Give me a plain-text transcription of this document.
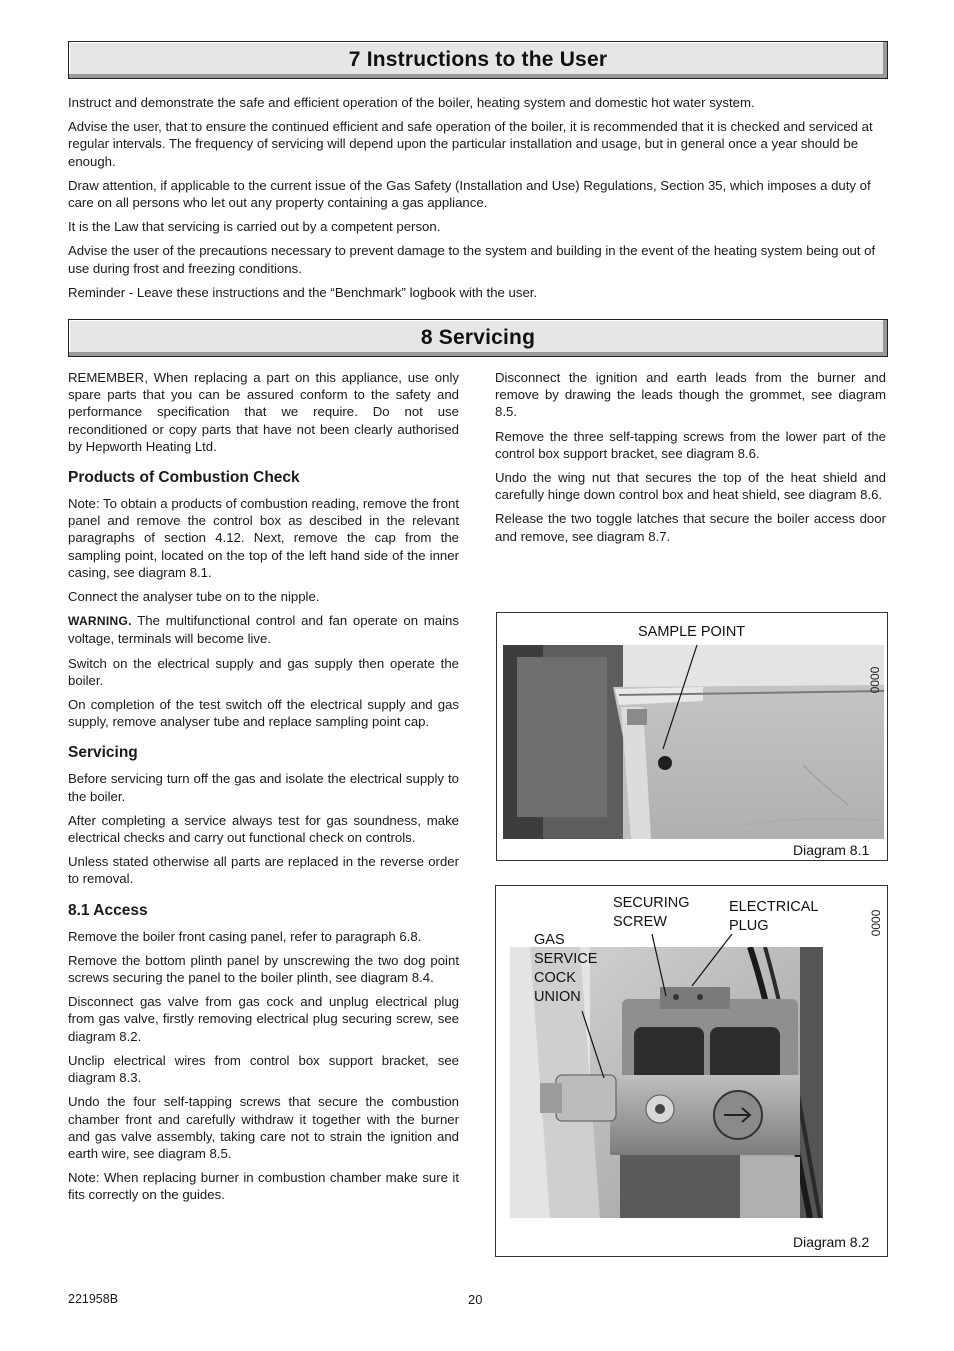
7 Instructions to the User

Instruct and demonstrate the safe and efficient operation of the boiler, heating system and domestic hot water system.

Advise the user, that to ensure the continued efficient and safe operation of the boiler, it is recommended that it is checked and serviced at regular intervals. The frequency of servicing will depend upon the particular installation and usage, but in general once a year should be enough.

Draw attention, if applicable to the current issue of the Gas Safety (Installation and Use) Regulations, Section 35, which imposes a duty of care on all persons who let out any property containing a gas appliance.

It is the Law that servicing is carried out by a competent person.

Advise the user of the precautions necessary to prevent damage to the system and building in the event of the heating system being out of use during frost and freezing conditions.

Reminder - Leave these instructions and the “Benchmark” logbook with the user.

8 Servicing

REMEMBER, When replacing a part on this appliance, use only spare parts that you can be assured conform to the safety and performance specification that we require. Do not use reconditioned or copy parts that have not been clearly authorised by Hepworth Heating Ltd.

Products of Combustion Check

Note: To obtain a products of combustion reading, remove the front panel and remove the control box as descibed in the relevant paragraphs of section 4.12. Next, remove the cap from the sampling point, located on the top of the left hand side of the inner casing, see diagram 8.1.

Connect the analyser tube on to the nipple.

WARNING. The multifunctional control and fan operate on mains voltage, terminals will become live.

Switch on the electrical supply and gas supply then operate the boiler.

On completion of the test switch off the electrical supply and gas supply, remove analyser tube and replace sampling point cap.

Servicing

Before servicing turn off the gas and isolate the electrical supply to the boiler.

After completing a service always test for gas soundness, make electrical checks and carry out functional check on controls.

Unless stated otherwise all parts are replaced in the reverse order to removal.

8.1 Access

Remove the boiler front casing panel, refer to paragraph 6.8.

Remove the bottom plinth panel by unscrewing the two dog point screws securing the panel to the boiler plinth, see diagram 8.4.

Disconnect gas valve from gas cock and unplug electrical plug from gas valve, firstly removing electrical plug securing screw, see diagram 8.2.

Unclip electrical wires from control box support bracket, see diagram 8.3.

Undo the four self-tapping screws that secure the combustion chamber front and carefully withdraw it together with the burner and gas valve assembly, taking care not to strain the ignition and earth wire, see diagram 8.5.

Note: When replacing burner in combustion chamber make sure it fits correctly on the guides.

Disconnect the ignition and earth leads from the burner and remove by drawing the leads though the grommet, see diagram 8.5.

Remove the three self-tapping screws from the lower part of the control box support bracket, see diagram 8.6.

Undo the wing nut that secures the top of the heat shield and carefully hinge down control box and heat shield, see diagram 8.6.

Release the two toggle latches that secure the boiler access door and remove, see diagram 8.7.

SAMPLE POINT
0000
Diagram 8.1
SECURING
SCREW
ELECTRICAL
PLUG
GAS
SERVICE
COCK
UNION
0000
Diagram 8.2
221958B	20
